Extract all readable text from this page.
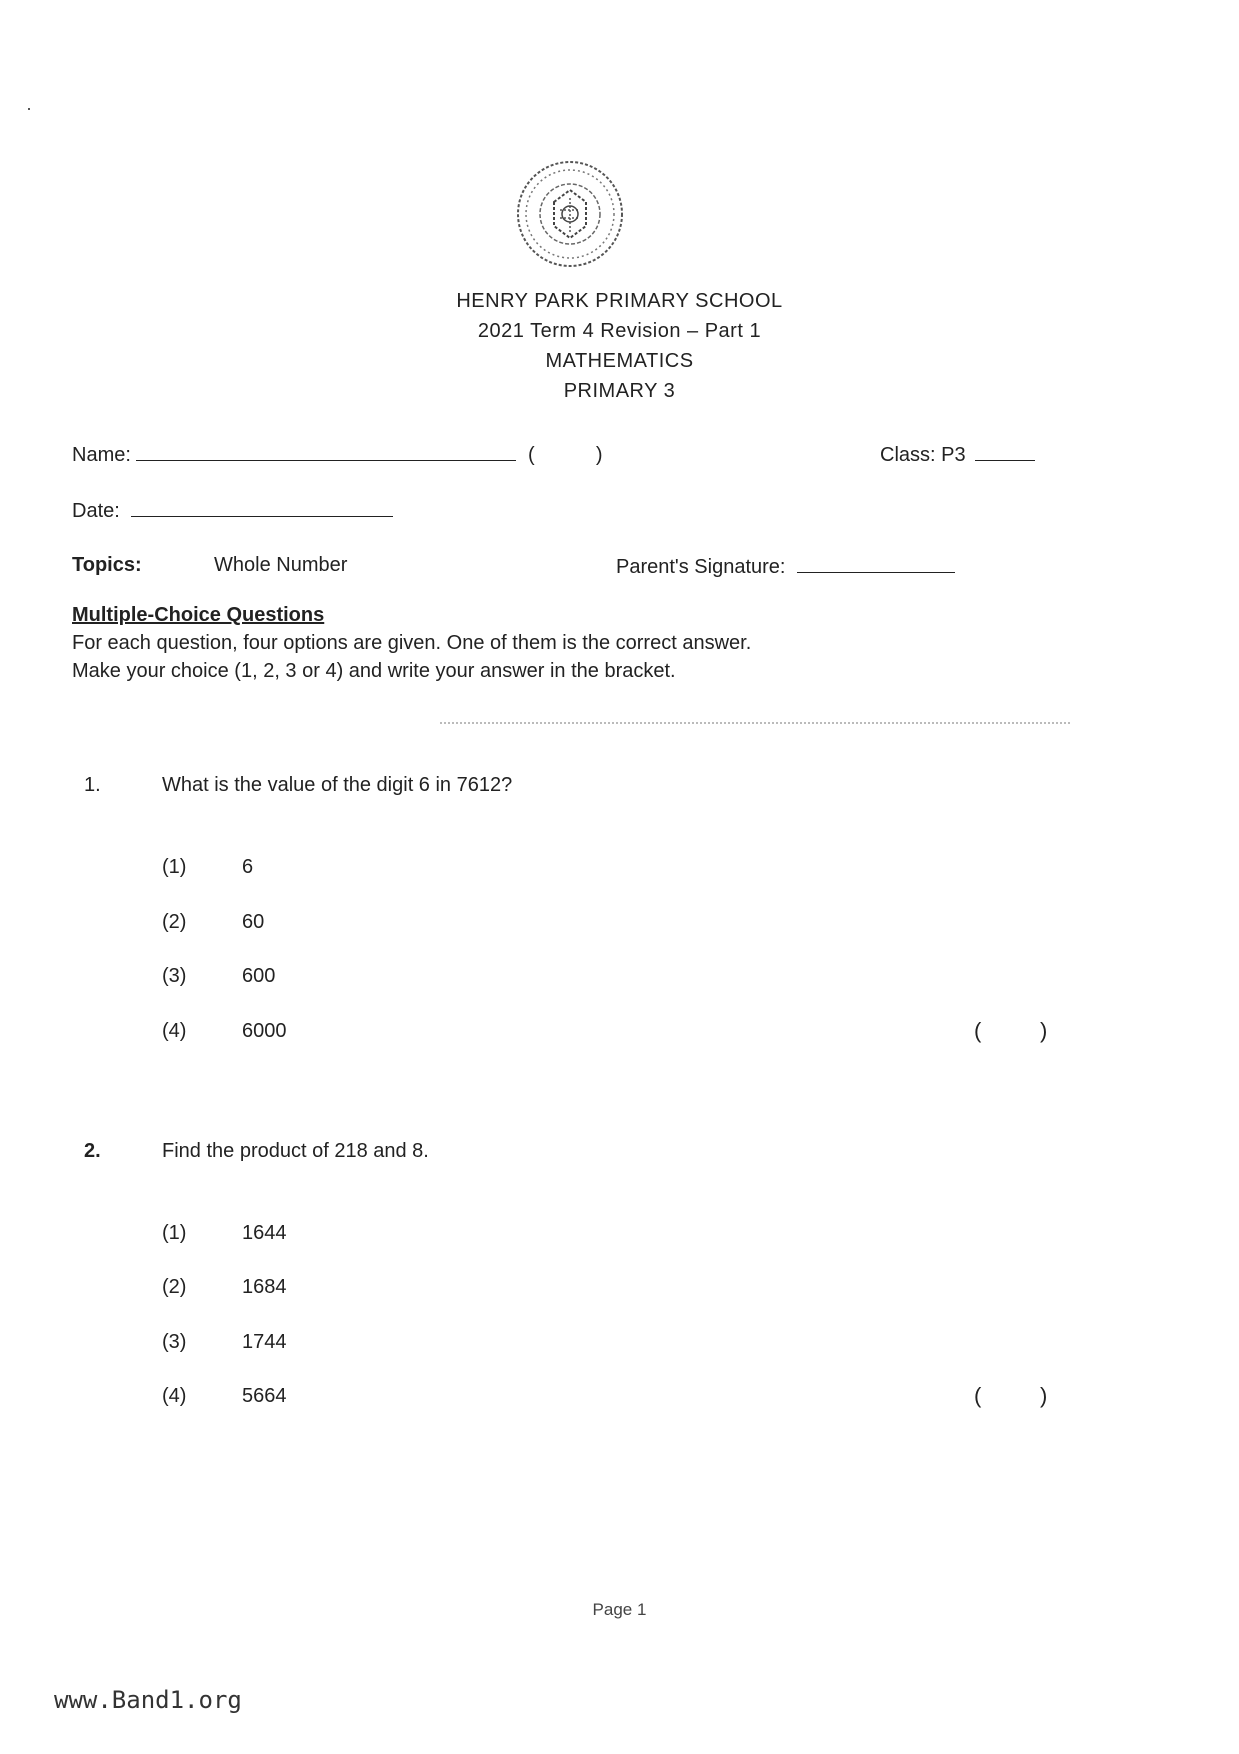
HENRY PARK PRIMARY SCHOOL
2021 Term 4 Revision – Part 1
MATHEMATICS
PRIMARY 3
Name:	(	)	Class: P3
Date:
Topics:	Whole Number	Parent's Signature:
Multiple-Choice Questions
For each question, four options are given. One of them is the correct answer.
Make your choice (1, 2, 3 or 4) and write your answer in the bracket.
1.	What is the value of the digit 6 in 7612?
(1)	6
(2)	60
(3)	600
(4)	6000	(	)
2.	Find the product of 218 and 8.
(1)	1644
(2)	1684
(3)	1744
(4)	5664	(	)
Page 1
www.Band1.org
